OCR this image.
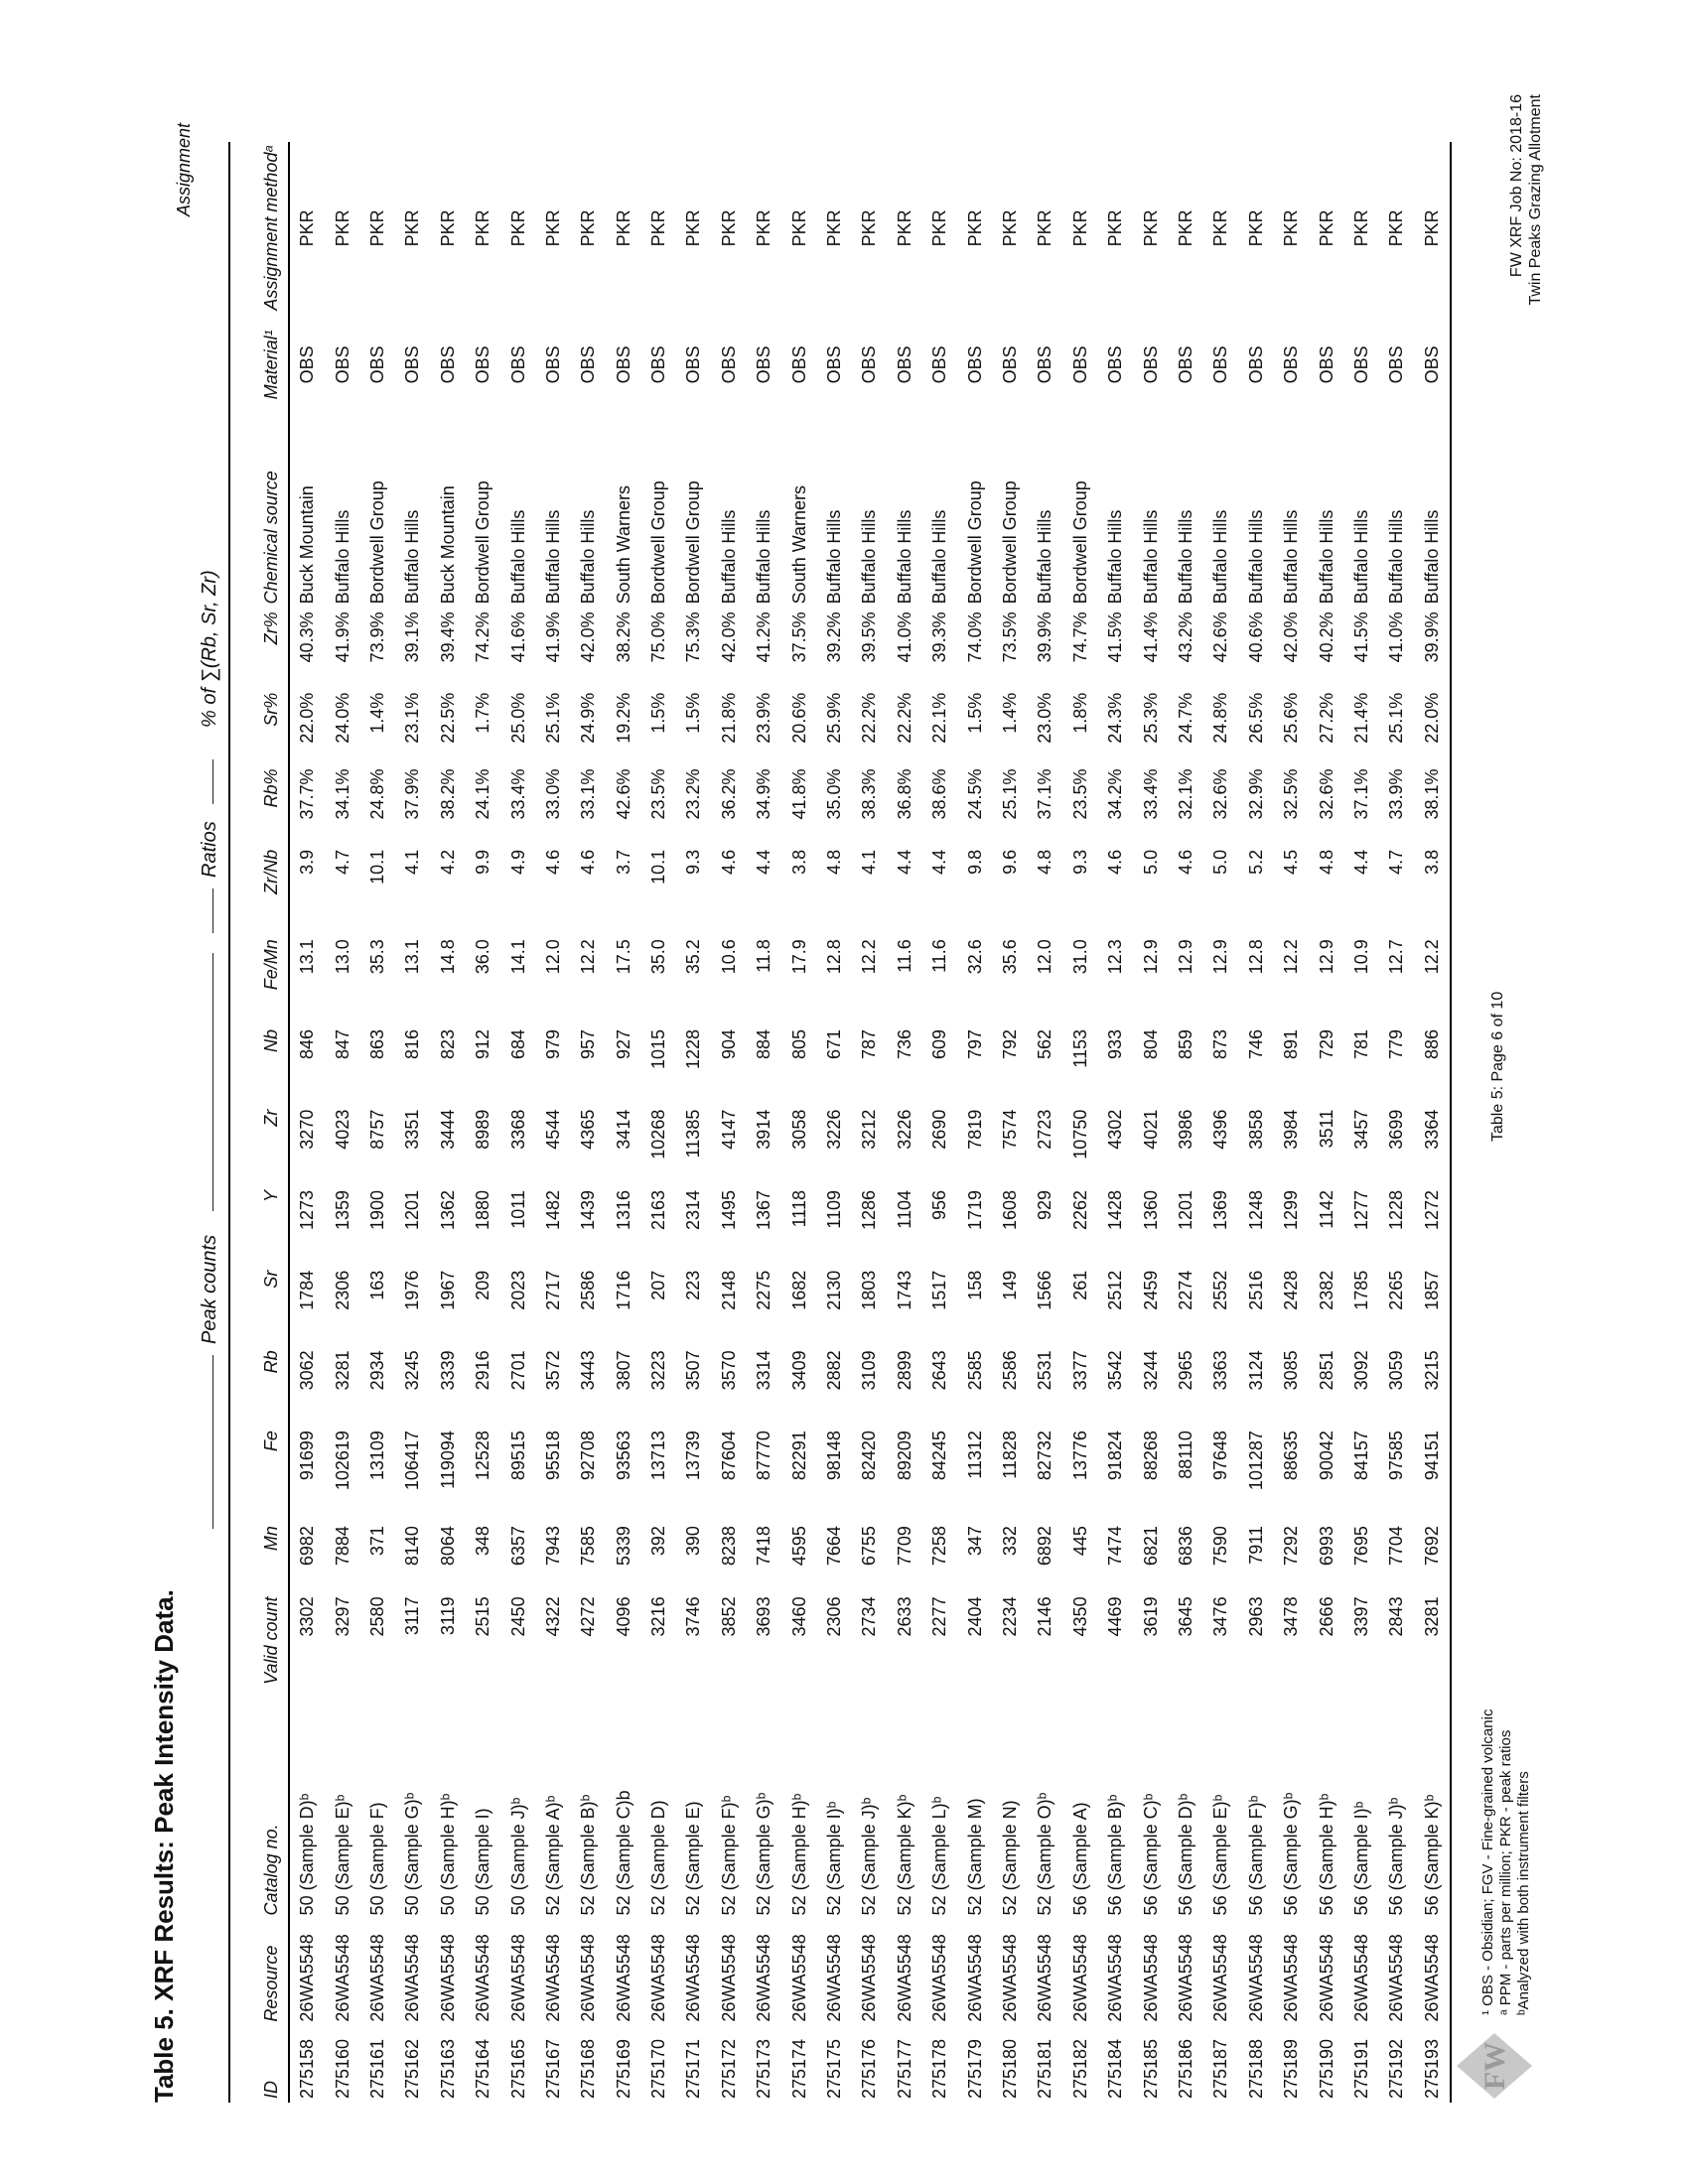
Table 5. XRF Results: Peak Intensity Data.
Peak counts
Ratios
% of ∑(Rb, Sr, Zr)
Assignment
ID	Resource	Catalog no.	Valid count	Mn	Fe	Rb	Sr	Y	Zr	Nb	Fe/Mn	Zr/Nb	Rb%	Sr%	Zr%	Chemical source	Material¹	Assignment methodᵃ
275158	26WA5548	50 (Sample D)ᵇ	3302	6982	91699	3062	1784	1273	3270	846	13.1	3.9	37.7%	22.0%	40.3%	Buck Mountain	OBS	PKR
275160	26WA5548	50 (Sample E)ᵇ	3297	7884	102619	3281	2306	1359	4023	847	13.0	4.7	34.1%	24.0%	41.9%	Buffalo Hills	OBS	PKR
275161	26WA5548	50 (Sample F)	2580	371	13109	2934	163	1900	8757	863	35.3	10.1	24.8%	1.4%	73.9%	Bordwell Group	OBS	PKR
275162	26WA5548	50 (Sample G)ᵇ	3117	8140	106417	3245	1976	1201	3351	816	13.1	4.1	37.9%	23.1%	39.1%	Buffalo Hills	OBS	PKR
275163	26WA5548	50 (Sample H)ᵇ	3119	8064	119094	3339	1967	1362	3444	823	14.8	4.2	38.2%	22.5%	39.4%	Buck Mountain	OBS	PKR
275164	26WA5548	50 (Sample I)	2515	348	12528	2916	209	1880	8989	912	36.0	9.9	24.1%	1.7%	74.2%	Bordwell Group	OBS	PKR
275165	26WA5548	50 (Sample J)ᵇ	2450	6357	89515	2701	2023	1011	3368	684	14.1	4.9	33.4%	25.0%	41.6%	Buffalo Hills	OBS	PKR
275167	26WA5548	52 (Sample A)ᵇ	4322	7943	95518	3572	2717	1482	4544	979	12.0	4.6	33.0%	25.1%	41.9%	Buffalo Hills	OBS	PKR
275168	26WA5548	52 (Sample B)ᵇ	4272	7585	92708	3443	2586	1439	4365	957	12.2	4.6	33.1%	24.9%	42.0%	Buffalo Hills	OBS	PKR
275169	26WA5548	52 (Sample C)b	4096	5339	93563	3807	1716	1316	3414	927	17.5	3.7	42.6%	19.2%	38.2%	South Warners	OBS	PKR
275170	26WA5548	52 (Sample D)	3216	392	13713	3223	207	2163	10268	1015	35.0	10.1	23.5%	1.5%	75.0%	Bordwell Group	OBS	PKR
275171	26WA5548	52 (Sample E)	3746	390	13739	3507	223	2314	11385	1228	35.2	9.3	23.2%	1.5%	75.3%	Bordwell Group	OBS	PKR
275172	26WA5548	52 (Sample F)ᵇ	3852	8238	87604	3570	2148	1495	4147	904	10.6	4.6	36.2%	21.8%	42.0%	Buffalo Hills	OBS	PKR
275173	26WA5548	52 (Sample G)ᵇ	3693	7418	87770	3314	2275	1367	3914	884	11.8	4.4	34.9%	23.9%	41.2%	Buffalo Hills	OBS	PKR
275174	26WA5548	52 (Sample H)ᵇ	3460	4595	82291	3409	1682	1118	3058	805	17.9	3.8	41.8%	20.6%	37.5%	South Warners	OBS	PKR
275175	26WA5548	52 (Sample I)ᵇ	2306	7664	98148	2882	2130	1109	3226	671	12.8	4.8	35.0%	25.9%	39.2%	Buffalo Hills	OBS	PKR
275176	26WA5548	52 (Sample J)ᵇ	2734	6755	82420	3109	1803	1286	3212	787	12.2	4.1	38.3%	22.2%	39.5%	Buffalo Hills	OBS	PKR
275177	26WA5548	52 (Sample K)ᵇ	2633	7709	89209	2899	1743	1104	3226	736	11.6	4.4	36.8%	22.2%	41.0%	Buffalo Hills	OBS	PKR
275178	26WA5548	52 (Sample L)ᵇ	2277	7258	84245	2643	1517	956	2690	609	11.6	4.4	38.6%	22.1%	39.3%	Buffalo Hills	OBS	PKR
275179	26WA5548	52 (Sample M)	2404	347	11312	2585	158	1719	7819	797	32.6	9.8	24.5%	1.5%	74.0%	Bordwell Group	OBS	PKR
275180	26WA5548	52 (Sample N)	2234	332	11828	2586	149	1608	7574	792	35.6	9.6	25.1%	1.4%	73.5%	Bordwell Group	OBS	PKR
275181	26WA5548	52 (Sample O)ᵇ	2146	6892	82732	2531	1566	929	2723	562	12.0	4.8	37.1%	23.0%	39.9%	Buffalo Hills	OBS	PKR
275182	26WA5548	56 (Sample A)	4350	445	13776	3377	261	2262	10750	1153	31.0	9.3	23.5%	1.8%	74.7%	Bordwell Group	OBS	PKR
275184	26WA5548	56 (Sample B)ᵇ	4469	7474	91824	3542	2512	1428	4302	933	12.3	4.6	34.2%	24.3%	41.5%	Buffalo Hills	OBS	PKR
275185	26WA5548	56 (Sample C)ᵇ	3619	6821	88268	3244	2459	1360	4021	804	12.9	5.0	33.4%	25.3%	41.4%	Buffalo Hills	OBS	PKR
275186	26WA5548	56 (Sample D)ᵇ	3645	6836	88110	2965	2274	1201	3986	859	12.9	4.6	32.1%	24.7%	43.2%	Buffalo Hills	OBS	PKR
275187	26WA5548	56 (Sample E)ᵇ	3476	7590	97648	3363	2552	1369	4396	873	12.9	5.0	32.6%	24.8%	42.6%	Buffalo Hills	OBS	PKR
275188	26WA5548	56 (Sample F)ᵇ	2963	7911	101287	3124	2516	1248	3858	746	12.8	5.2	32.9%	26.5%	40.6%	Buffalo Hills	OBS	PKR
275189	26WA5548	56 (Sample G)ᵇ	3478	7292	88635	3085	2428	1299	3984	891	12.2	4.5	32.5%	25.6%	42.0%	Buffalo Hills	OBS	PKR
275190	26WA5548	56 (Sample H)ᵇ	2666	6993	90042	2851	2382	1142	3511	729	12.9	4.8	32.6%	27.2%	40.2%	Buffalo Hills	OBS	PKR
275191	26WA5548	56 (Sample I)ᵇ	3397	7695	84157	3092	1785	1277	3457	781	10.9	4.4	37.1%	21.4%	41.5%	Buffalo Hills	OBS	PKR
275192	26WA5548	56 (Sample J)ᵇ	2843	7704	97585	3059	2265	1228	3699	779	12.7	4.7	33.9%	25.1%	41.0%	Buffalo Hills	OBS	PKR
275193	26WA5548	56 (Sample K)ᵇ	3281	7692	94151	3215	1857	1272	3364	886	12.2	3.8	38.1%	22.0%	39.9%	Buffalo Hills	OBS	PKR
FW
¹ OBS - Obsidian; FGV - Fine-grained volcanic ᵃ PPM - parts per million; PKR - peak ratios ᵇAnalyzed with both instrument filters
Table 5: Page 6 of 10
FW XRF Job No: 2018-16 Twin Peaks Grazing Allotment
